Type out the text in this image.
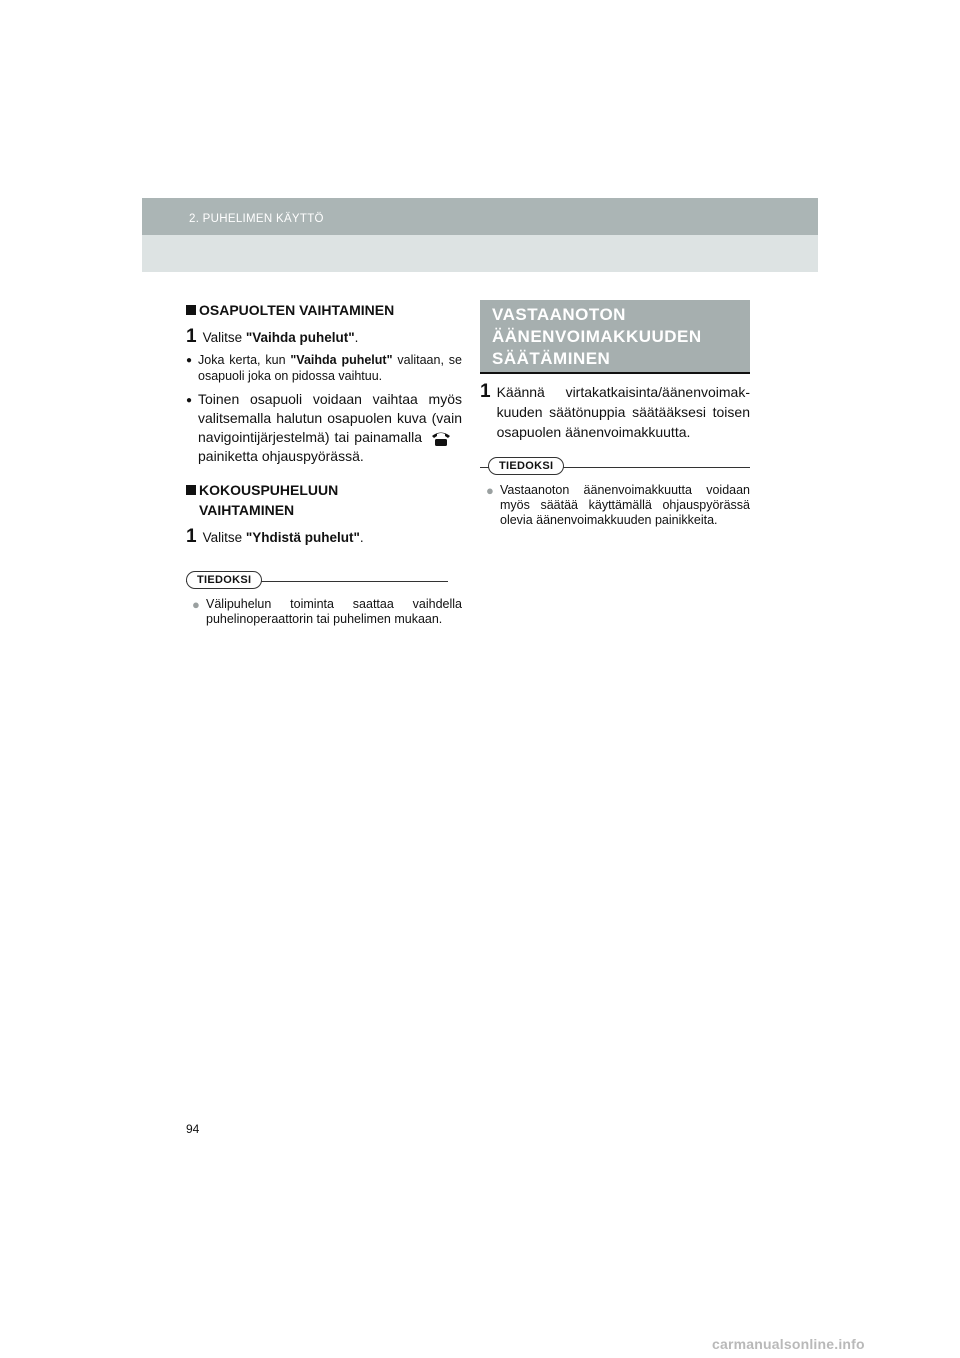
2. PUHELIMEN KÄYTTÖ
OSAPUOLTEN VAIHTAMINEN
1 Valitse "Vaihda puhelut".
● Joka kerta, kun "Vaihda puhelut" valitaan, se osapuoli joka on pidossa vaihtuu.
● Toinen osapuoli voidaan vaihtaa myös valitsemalla halutun osapuolen kuva (vain navigointijärjestelmä) tai painamallapainiketta ohjauspyörässä.
KOKOUSPUHELUUN
VAIHTAMINEN
1 Valitse "Yhdistä puhelut".
TIEDOKSI
● Välipuhelun toiminta saattaa vaihdella puhelinoperaattorin tai puhelimen mukaan.
VASTAANOTON
ÄÄNENVOIMAKKUUDEN
SÄÄTÄMINEN
1 Käännä virtakatkaisinta/äänenvoimakkuuden säätönuppia säätääksesi toisen osapuolen äänenvoimakkuutta.
TIEDOKSI
● Vastaanoton äänenvoimakkuutta voidaan myös säätää käyttämällä ohjauspyörässä olevia äänenvoimakkuuden painikkeita.
94
carmanualsonline.info
